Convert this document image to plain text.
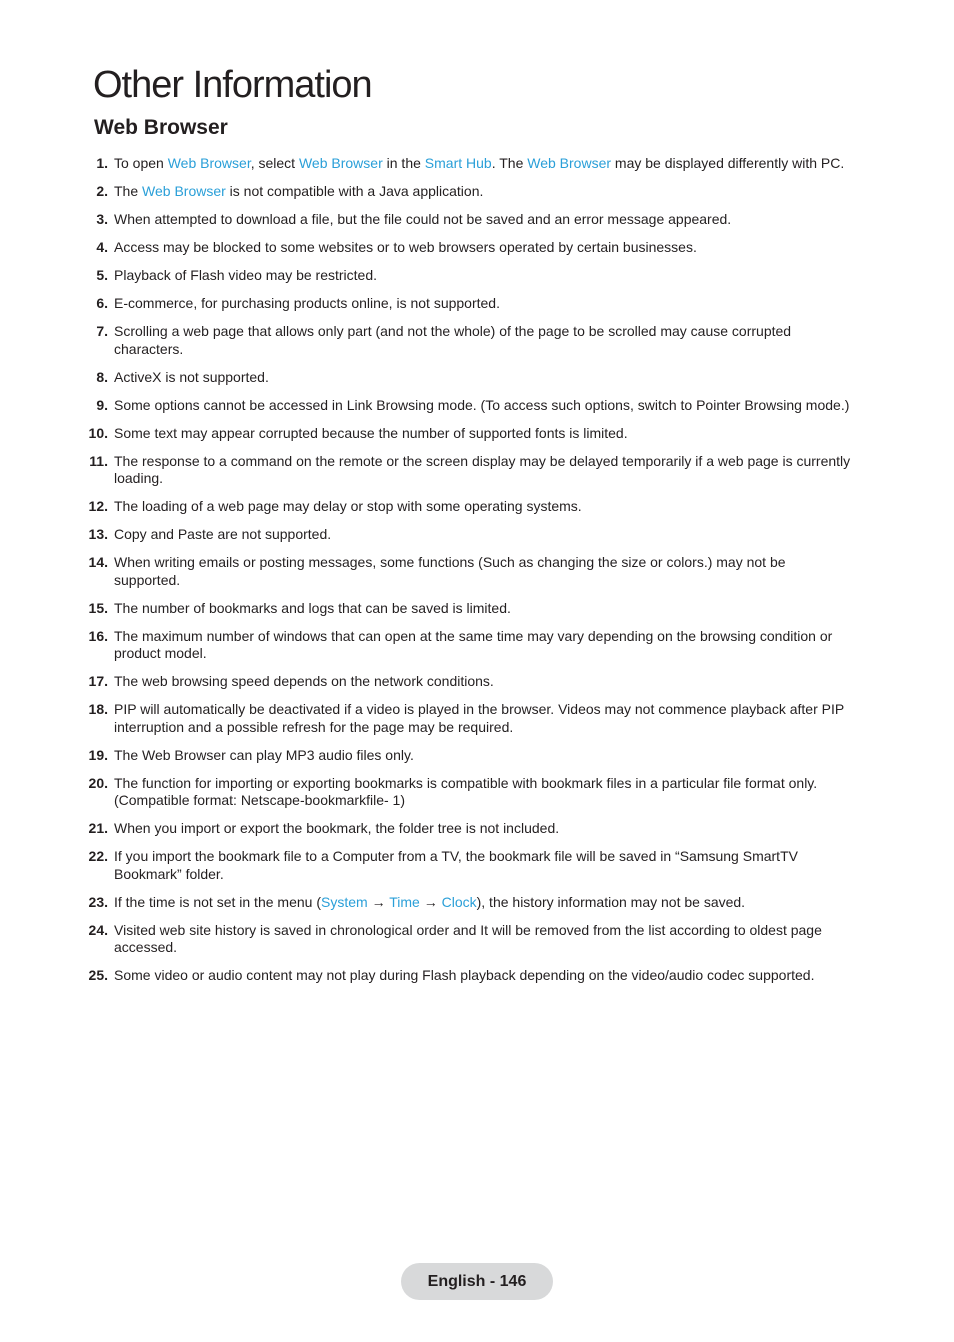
Other Information
Web Browser
1. To open Web Browser, select Web Browser in the Smart Hub. The Web Browser may be displayed differently with PC.
2. The Web Browser is not compatible with a Java application.
3. When attempted to download a file, but the file could not be saved and an error message appeared.
4. Access may be blocked to some websites or to web browsers operated by certain businesses.
5. Playback of Flash video may be restricted.
6. E-commerce, for purchasing products online, is not supported.
7. Scrolling a web page that allows only part (and not the whole) of the page to be scrolled may cause corrupted characters.
8. ActiveX is not supported.
9. Some options cannot be accessed in Link Browsing mode. (To access such options, switch to Pointer Browsing mode.)
10. Some text may appear corrupted because the number of supported fonts is limited.
11. The response to a command on the remote or the screen display may be delayed temporarily if a web page is currently loading.
12. The loading of a web page may delay or stop with some operating systems.
13. Copy and Paste are not supported.
14. When writing emails or posting messages, some functions (Such as changing the size or colors.) may not be supported.
15. The number of bookmarks and logs that can be saved is limited.
16. The maximum number of windows that can open at the same time may vary depending on the browsing condition or product model.
17. The web browsing speed depends on the network conditions.
18. PIP will automatically be deactivated if a video is played in the browser. Videos may not commence playback after PIP interruption and a possible refresh for the page may be required.
19. The Web Browser can play MP3 audio files only.
20. The function for importing or exporting bookmarks is compatible with bookmark files in a particular file format only. (Compatible format: Netscape-bookmarkfile- 1)
21. When you import or export the bookmark, the folder tree is not included.
22. If you import the bookmark file to a Computer from a TV, the bookmark file will be saved in “Samsung SmartTV Bookmark” folder.
23. If the time is not set in the menu (System → Time → Clock), the history information may not be saved.
24. Visited web site history is saved in chronological order and It will be removed from the list according to oldest page accessed.
25. Some video or audio content may not play during Flash playback depending on the video/audio codec supported.
English - 146
